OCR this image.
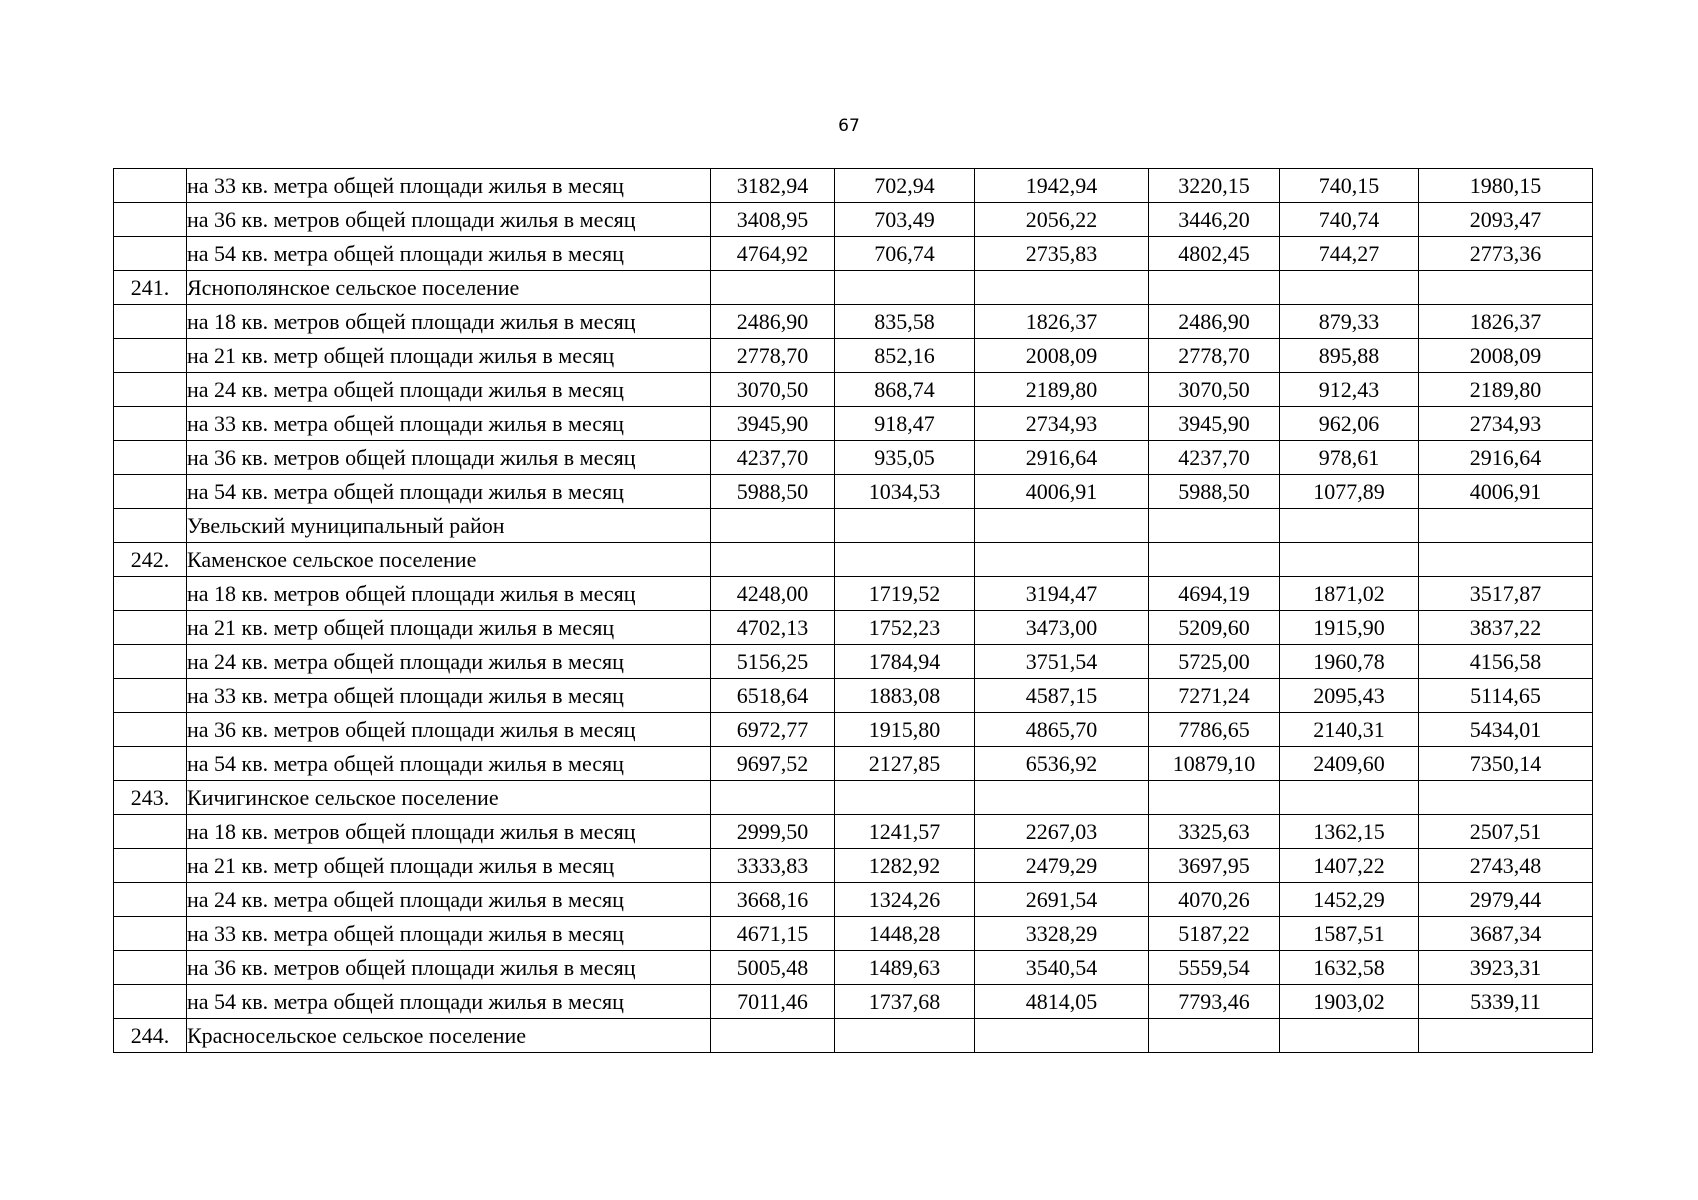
67
	на 33 кв. метра общей площади жилья в месяц	3182,94	702,94	1942,94	3220,15	740,15	1980,15
	на 36 кв. метров общей площади жилья в месяц	3408,95	703,49	2056,22	3446,20	740,74	2093,47
	на 54 кв. метра общей площади жилья в месяц	4764,92	706,74	2735,83	4802,45	744,27	2773,36
241.	Яснополянское сельское поселение						
	на 18 кв. метров общей площади жилья в месяц	2486,90	835,58	1826,37	2486,90	879,33	1826,37
	на 21 кв. метр общей площади жилья в месяц	2778,70	852,16	2008,09	2778,70	895,88	2008,09
	на 24 кв. метра общей площади жилья в месяц	3070,50	868,74	2189,80	3070,50	912,43	2189,80
	на 33 кв. метра общей площади жилья в месяц	3945,90	918,47	2734,93	3945,90	962,06	2734,93
	на 36 кв. метров общей площади жилья в месяц	4237,70	935,05	2916,64	4237,70	978,61	2916,64
	на 54 кв. метра общей площади жилья в месяц	5988,50	1034,53	4006,91	5988,50	1077,89	4006,91
	Увельский муниципальный район						
242.	Каменское сельское поселение						
	на 18 кв. метров общей площади жилья в месяц	4248,00	1719,52	3194,47	4694,19	1871,02	3517,87
	на 21 кв. метр общей площади жилья в месяц	4702,13	1752,23	3473,00	5209,60	1915,90	3837,22
	на 24 кв. метра общей площади жилья в месяц	5156,25	1784,94	3751,54	5725,00	1960,78	4156,58
	на 33 кв. метра общей площади жилья в месяц	6518,64	1883,08	4587,15	7271,24	2095,43	5114,65
	на 36 кв. метров общей площади жилья в месяц	6972,77	1915,80	4865,70	7786,65	2140,31	5434,01
	на 54 кв. метра общей площади жилья в месяц	9697,52	2127,85	6536,92	10879,10	2409,60	7350,14
243.	Кичигинское сельское поселение						
	на 18 кв. метров общей площади жилья в месяц	2999,50	1241,57	2267,03	3325,63	1362,15	2507,51
	на 21 кв. метр общей площади жилья в месяц	3333,83	1282,92	2479,29	3697,95	1407,22	2743,48
	на 24 кв. метра общей площади жилья в месяц	3668,16	1324,26	2691,54	4070,26	1452,29	2979,44
	на 33 кв. метра общей площади жилья в месяц	4671,15	1448,28	3328,29	5187,22	1587,51	3687,34
	на 36 кв. метров общей площади жилья в месяц	5005,48	1489,63	3540,54	5559,54	1632,58	3923,31
	на 54 кв. метра общей площади жилья в месяц	7011,46	1737,68	4814,05	7793,46	1903,02	5339,11
244.	Красносельское сельское поселение						
